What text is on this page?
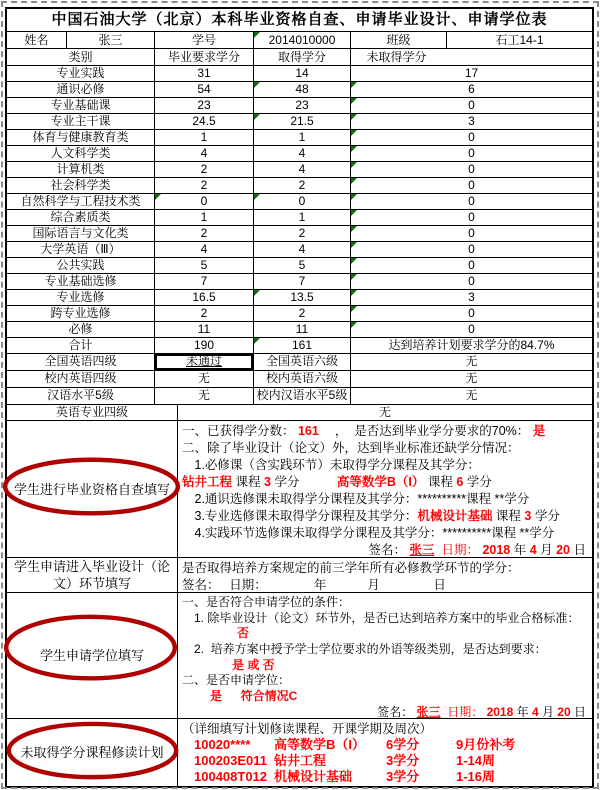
中国石油大学（北京）本科毕业资格自查、申请毕业设计、申请学位表
姓名	张三	学号	2014010000	班级	石工14-1
类别	毕业要求学分	取得学分	未取得学分
专业实践	31	14	17
通识必修	54	48	6
专业基础课	23	23	0
专业主干课	24.5	21.5	3
体育与健康教育类	1	1	0
人文科学类	4	4	0
计算机类	2	4	0
社会科学类	2	2	0
自然科学与工程技术类	0	0	0
综合素质类	1	1	0
国际语言与文化类	2	2	0
大学英语（Ⅲ）	4	4	0
公共实践	5	5	0
专业基础选修	7	7	0
专业选修	16.5	13.5	3
跨专业选修	2	2	0
必修	11	11	0
合计	190	161	达到培养计划要求学分的84.7%
全国英语四级	未通过	全国英语六级	无
校内英语四级	无	校内英语六级	无
汉语水平5级	无	校内汉语水平5级	无
英语专业四级	无
学生进行毕业资格自查填写
一、已获得学分数： 161　 ，  是否达到毕业学分要求的70%： 是
二、除了毕业设计（论文）外，达到毕业标准还缺学分情况：
　1.必修课（含实践环节）未取得学分课程及其学分：
钻井工程 课程 3 学分　　　高等数学B（I） 课程 6 学分
　2.通识选修课未取得学分课程及其学分：**********课程 **学分
　3.专业选修课未取得学分课程及其学分：机械设计基础 课程 3 学分
　4.实践环节选修课未取得学分课程及其学分：**********课程 **学分
签名： 张三  日期： 2018 年 4 月 20 日
学生申请进入毕业设计（论文）环节填写
是否取得培养方案规定的前三学年所有必修教学环节的学分：
签名：　 日期：　　　　 年　　　 月　　　　 日
学生申请学位填写
一、是否符合申请学位的条件：
　1. 除毕业设计（论文）环节外，是否已达到培养方案中的毕业合格标准：
否
　2.  培养方案中授予学士学位要求的外语等级类别，是否达到要求：
是 或 否
二、是否申请学位：
是　  符合情况C
签名： 张三  日期： 2018 年 4 月 20 日
未取得学分课程修读计划
（详细填写计划修读课程、开课学期及周次）
10020****	高等数学B（I）	6学分	9月份补考
100203E011 钻井工程	3学分	1-14周
100408T012 机械设计基础	3学分	1-16周
